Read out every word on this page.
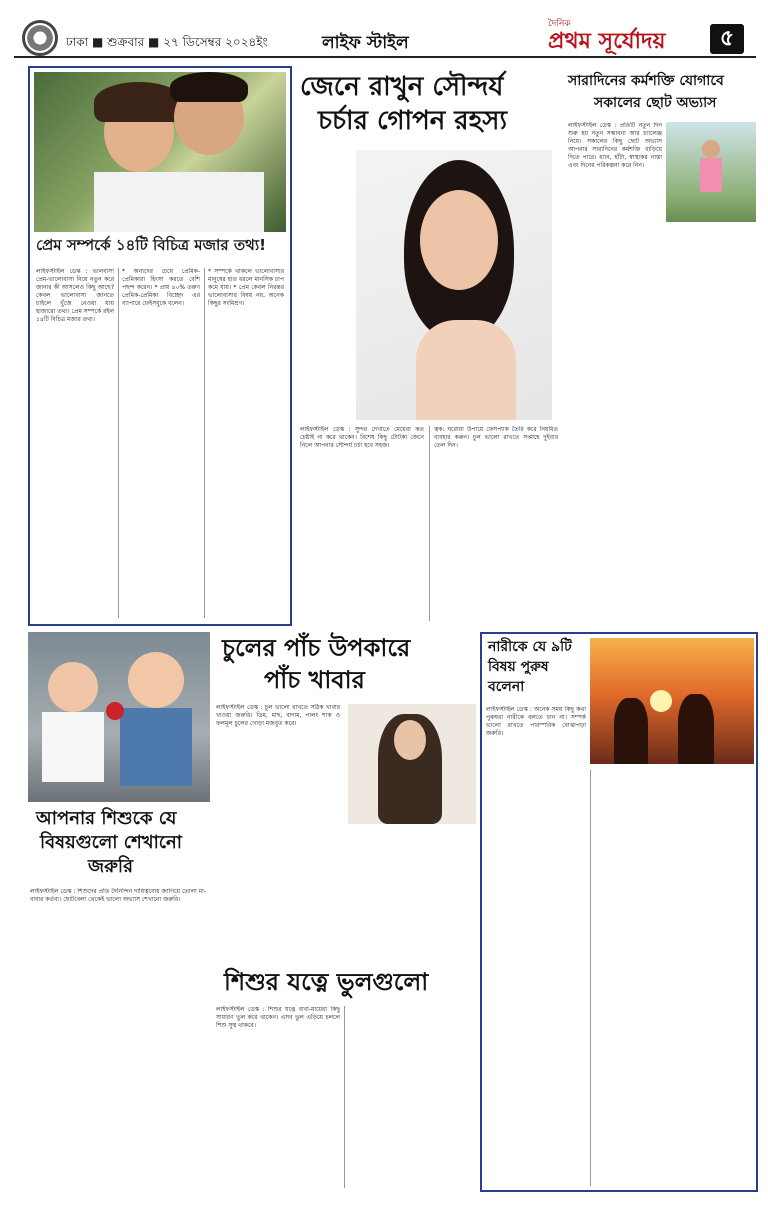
ঢাকা ■ শুক্রবার ■ ২৭ ডিসেম্বর ২০২৪ইং	লাইফ স্টাইল
দৈনিক
প্রথম সূর্যোদয়	৫
প্রেম সম্পর্কে ১৪টি বিচিত্র মজার তথ্য!
লাইফস্টাইল ডেস্ক : ভালবাসা প্রেম-ভালোবাসা নিয়ে নতুন করে জানার কী আসলেও কিছু আছে? কেবল ভালোবাসা জানতে চাইলে খুঁজে নেওয়া যায় হাজারো তথ্য। প্রেম সম্পর্কে রইল ১৪টি বিচিত্র মজার তথ্য।
* অন্যদের চেয়ে প্রেমিক-প্রেমিকারা হিংসা করতে বেশি পছন্দ করেন। * প্রায় ৪০% তরুণ প্রেমিক-প্রেমিকা বিচ্ছেদ এর ব্যাপারে ফেইসবুকে বলেন।
* সম্পর্কে থাকলে ভালোবাসার মানুষের হাত ধরলে মানসিক চাপ কমে যায়। * প্রেম কেবল নিরন্তর ভালোবাসার বিষয় নয়, অনেক কিছুর সংমিশ্রণ।
জেনে রাখুন সৌন্দর্য
চর্চার গোপন রহস্য
লাইফস্টাইল ডেস্ক : সুন্দর দেখাতে মেয়েরা কত চেষ্টাই না করে থাকেন। বিশেষ কিছু টোটকা জেনে নিলে আপনার সৌন্দর্য চর্চা হবে সহজ।
ত্বক: ঘরোয়া উপায়ে ফেসপ্যাক তৈরি করে নিয়মিত ব্যবহার করুন। চুল ভালো রাখতে সপ্তাহে দুইবার তেল দিন।
সারাদিনের কর্মশক্তি যোগাবে
সকালের ছোট অভ্যাস
লাইফস্টাইল ডেস্ক : প্রতিটি নতুন দিন শুরু হয় নতুন সম্ভাবনা আর চ্যালেঞ্জ নিয়ে। সকালের কিছু ছোট অভ্যাস আপনার সারাদিনের কর্মশক্তি বাড়িয়ে দিতে পারে। ধ্যান, হাঁটা, স্বাস্থ্যকর নাস্তা এবং দিনের পরিকল্পনা করে নিন।
আপনার শিশুকে যে
বিষয়গুলো শেখানো
জরুরি
লাইফস্টাইল ডেস্ক : শিশুদের প্রতি দৈনিন্দিন দায়িত্ববোধ জাগিয়ে তোলা মা-বাবার কর্তব্য। ছোটবেলা থেকেই ভালো অভ্যাস শেখানো জরুরি।
চুলের পাঁচ উপকারে
পাঁচ খাবার
লাইফস্টাইল ডেস্ক : চুল ভালো রাখতে সঠিক খাবার খাওয়া জরুরি। ডিম, মাছ, বাদাম, পালং শাক ও ফলমূল চুলের গোড়া মজবুত করে।
নারীকে যে ৯টি
বিষয় পুরুষ
বলেনা
লাইফস্টাইল ডেস্ক : অনেক সময় কিছু কথা পুরুষরা নারীকে বলতে চান না। সম্পর্ক ভালো রাখতে পারস্পরিক বোঝাপড়া জরুরি।
শিশুর যত্নে ভুলগুলো
লাইফস্টাইল ডেস্ক : শিশুর যত্নে বাবা-মায়েরা কিছু সাধারণ ভুল করে থাকেন। এসব ভুল এড়িয়ে চললে শিশু সুস্থ থাকবে।
